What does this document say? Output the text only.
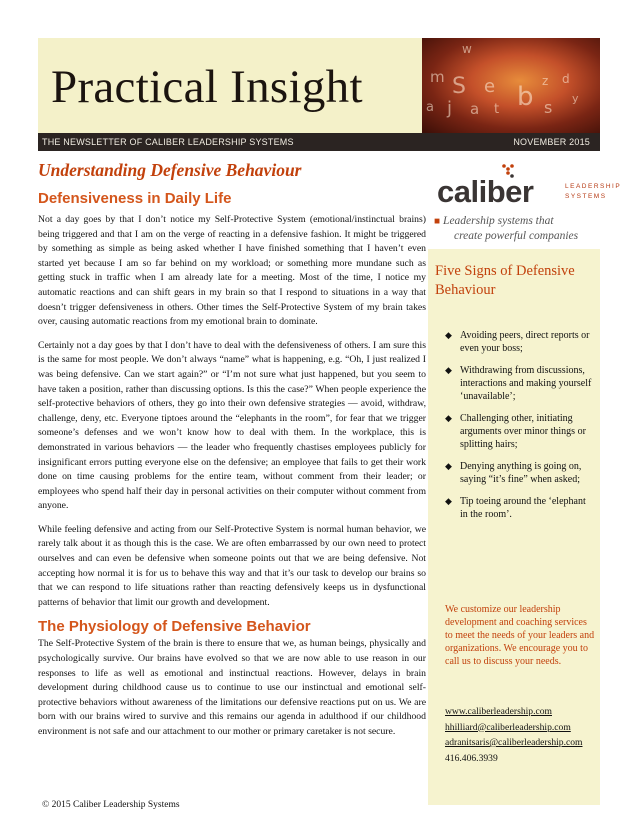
Practical Insight
w
m S e b
z d
a j a t	s y
THE NEWSLETTER OF CALIBER LEADERSHIP SYSTEMS	NOVEMBER 2015
Understanding Defensive Behaviour
Defensiveness in Daily Life

Not a day goes by that I don’t notice my Self-Protective System (emotional/instinctual brains) being triggered and that I am on the verge of reacting in a defensive fashion. It might be triggered by something as simple as being asked whether I have finished something that I haven’t even started yet because I am so far behind on my workload; or something more mundane such as getting stuck in traffic when I am already late for a meeting. Most of the time, I notice my automatic reactions and can shift gears in my brain so that I respond to situations in a way that doesn’t trigger defensiveness in others. Other times the Self-Protective System of my brain takes over, causing automatic reactions from my emotional brain to dominate.

Certainly not a day goes by that I don’t have to deal with the defensiveness of others. I am sure this is the same for most people. We don’t always “name” what is happening, e.g. “Oh, I just realized I was being defensive. Can we start again?” or “I’m not sure what just happened, but you seem to have taken a position, rather than discussing options. Is this the case?” When people experience the self-protective behaviors of others, they go into their own defensive strategies — avoid, withdraw, challenge, deny, etc. Everyone tiptoes around the “elephants in the room”, for fear that we trigger someone’s defenses and we won’t know how to deal with them. In the workplace, this is demonstrated in various behaviors — the leader who frequently chastises employees publicly for insignificant errors putting everyone else on the defensive; an employee that fails to get their work done on time causing problems for the entire team, without comment from their leader; or employees who spend half their day in personal activities on their computer without comment from anyone.

While feeling defensive and acting from our Self-Protective System is normal human behavior, we rarely talk about it as though this is the case. We are often embarrassed by our own need to protect ourselves and can even be defensive when someone points out that we are being defensive. Not accepting how normal it is for us to behave this way and that it’s our task to develop our brains so that we can respond to life situations rather than reacting defensively keeps us in dysfunctional patterns of behavior that limit our growth and development.

The Physiology of Defensive Behavior

The Self-Protective System of the brain is there to ensure that we, as human beings, physically and psychologically survive. Our brains have evolved so that we are now able to use reason in our responses to life as well as emotional and instinctual reactions. However, delays in brain development during childhood cause us to continue to use our instinctual and emotional self-protective behaviors without awareness of the limitations our defensive reactions put on us. We are born with our brains wired to survive and this remains our agenda in adulthood if our childhood environment is not safe and our attachment to our mother or primary caretaker is not secure.

caliber	LEADERSHIP
SYSTEMS
■ Leadership systems that
create powerful companies
Five Signs of Defensive Behaviour
◆ Avoiding peers, direct reports or even your boss;
◆ Withdrawing from discussions, interactions and making yourself ‘unavailable’;
◆ Challenging other, initiating arguments over minor things or splitting hairs;
◆ Denying anything is going on, saying “it’s fine” when asked;
◆ Tip toeing around the ‘elephant in the room’.
We customize our leadership development and coaching services to meet the needs of your leaders and organizations. We encourage you to call us to discuss your needs.
www.caliberleadership.com
hhilliard@caliberleadership.com
adranitsaris@caliberleadership.com
416.406.3939
© 2015 Caliber Leadership Systems
